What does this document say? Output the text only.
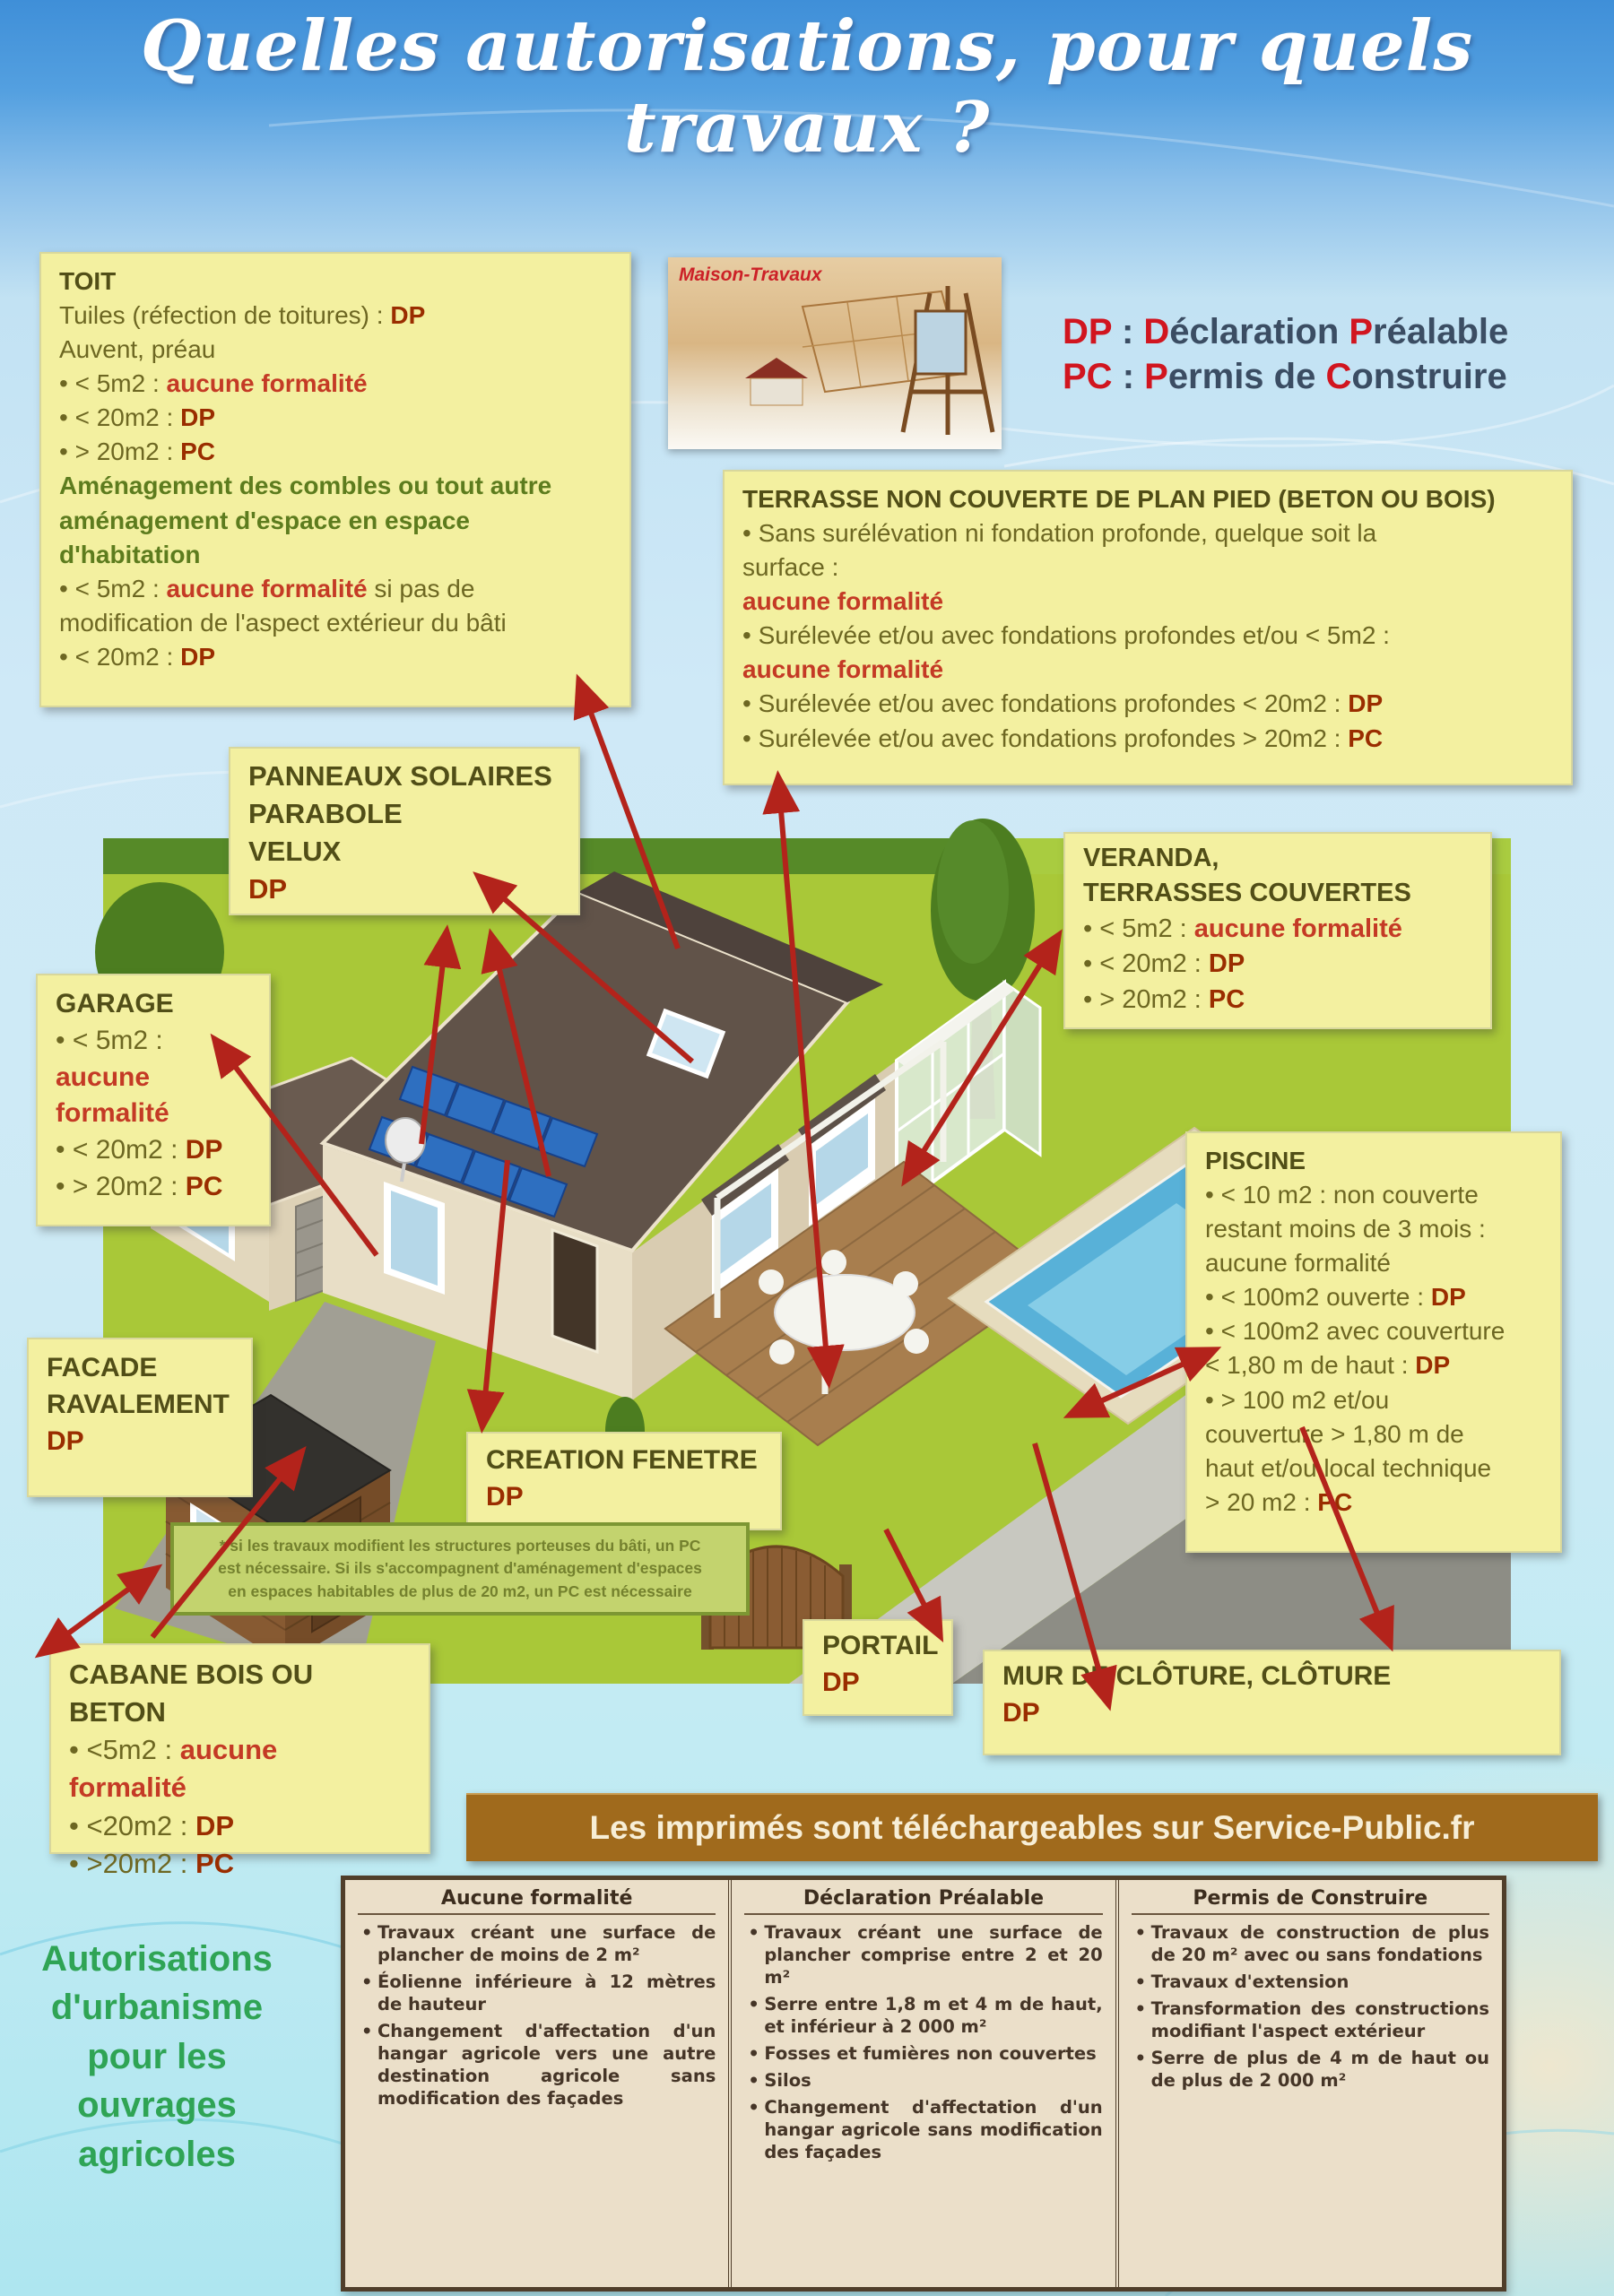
Quelles autorisations, pour quels travaux ?
Maison-Travaux
DP : Déclaration Préalable
PC : Permis de Construire
TOIT
Tuiles (réfection de toitures) : DP
Auvent, préau
• < 5m2 : aucune formalité
• < 20m2 : DP
• > 20m2 : PC
Aménagement des combles ou tout autre
aménagement d'espace en espace
d'habitation
• < 5m2 : aucune formalité si pas de
modification de l'aspect extérieur du bâti
• < 20m2 : DP
TERRASSE NON COUVERTE DE PLAN PIED (BETON OU BOIS)
• Sans surélévation ni fondation profonde, quelque soit la
surface :
aucune formalité
• Surélevée et/ou avec fondations profondes et/ou < 5m2 :
aucune formalité
• Surélevée et/ou avec fondations profondes < 20m2 : DP
• Surélevée et/ou avec fondations profondes > 20m2 : PC
PANNEAUX SOLAIRES
PARABOLE
VELUX
DP
VERANDA,
TERRASSES COUVERTES
• < 5m2 : aucune formalité
• < 20m2 : DP
• > 20m2 : PC
GARAGE
• < 5m2 :
aucune
formalité
• < 20m2 : DP
• > 20m2 : PC
PISCINE
• < 10 m2 : non couverte
restant moins de 3 mois :
aucune formalité
• < 100m2 ouverte : DP
• < 100m2 avec couverture
< 1,80 m de haut : DP
• > 100 m2 et/ou
couverture > 1,80 m de
haut et/ou local technique
> 20 m2 : PC
FACADE
RAVALEMENT
DP
CREATION FENETRE
DP
CABANE BOIS OU BETON
• <5m2 : aucune
formalité
• <20m2 : DP
• >20m2 : PC
PORTAIL
DP	MUR DE CLÔTURE, CLÔTURE
DP
* si les travaux modifient les structures porteuses du bâti, un PC
est nécessaire. Si ils s'accompagnent d'aménagement d'espaces
en espaces habitables de plus de 20 m2, un PC est nécessaire
Les imprimés sont téléchargeables sur Service-Public.fr
Autorisations
d'urbanisme
pour les
ouvrages
agricoles
Aucune formalité
• Travaux créant une surface de plancher de moins de 2 m²
• Éolienne inférieure à 12 mètres de hauteur
• Changement d'affectation d'un hangar agricole vers une autre destination agricole sans modification des façades
Déclaration Préalable
• Travaux créant une surface de plancher comprise entre 2 et 20 m²
• Serre entre 1,8 m et 4 m de haut, et inférieur à 2 000 m²
• Fosses et fumières non couvertes
• Silos
• Changement d'affectation d'un hangar agricole sans modification des façades
Permis de Construire
• Travaux de construction de plus de 20 m² avec ou sans fondations
• Travaux d'extension
• Transformation des constructions modifiant l'aspect extérieur
• Serre de plus de 4 m de haut ou de plus de 2 000 m²
